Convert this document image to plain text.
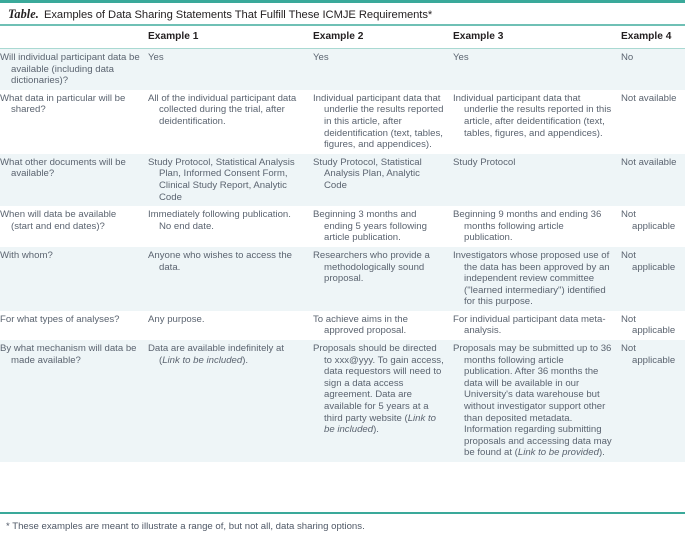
Table. Examples of Data Sharing Statements That Fulfill These ICMJE Requirements*
	Example 1	Example 2	Example 3	Example 4

Will individual participant data be available (including data dictionaries)?	Yes	Yes	Yes	No

What data in particular will be shared?	All of the individual participant data collected during the trial, after deidentification.	Individual participant data that underlie the results reported in this article, after deidentification (text, tables, figures, and appendices).	Individual participant data that underlie the results reported in this article, after deidentification (text, tables, figures, and appendices).	Not available

What other documents will be available?	Study Protocol, Statistical Analysis Plan, Informed Consent Form, Clinical Study Report, Analytic Code	Study Protocol, Statistical Analysis Plan, Analytic Code	Study Protocol	Not available

When will data be available (start and end dates)?	Immediately following publication. No end date.	Beginning 3 months and ending 5 years following article publication.	Beginning 9 months and ending 36 months following article publication.	Not applicable

With whom?	Anyone who wishes to access the data.	Researchers who provide a methodologically sound proposal.	Investigators whose proposed use of the data has been approved by an independent review committee ("learned intermediary") identified for this purpose.	Not applicable

For what types of analyses?	Any purpose.	To achieve aims in the approved proposal.	For individual participant data meta-analysis.	Not applicable

By what mechanism will data be made available?	Data are available indefinitely at (Link to be included).	Proposals should be directed to xxx@yyy. To gain access, data requestors will need to sign a data access agreement. Data are available for 5 years at a third party website (Link to be included).	Proposals may be submitted up to 36 months following article publication. After 36 months the data will be available in our University's data warehouse but without investigator support other than deposited metadata. Information regarding submitting proposals and accessing data may be found at (Link to be provided).	Not applicable
* These examples are meant to illustrate a range of, but not all, data sharing options.
